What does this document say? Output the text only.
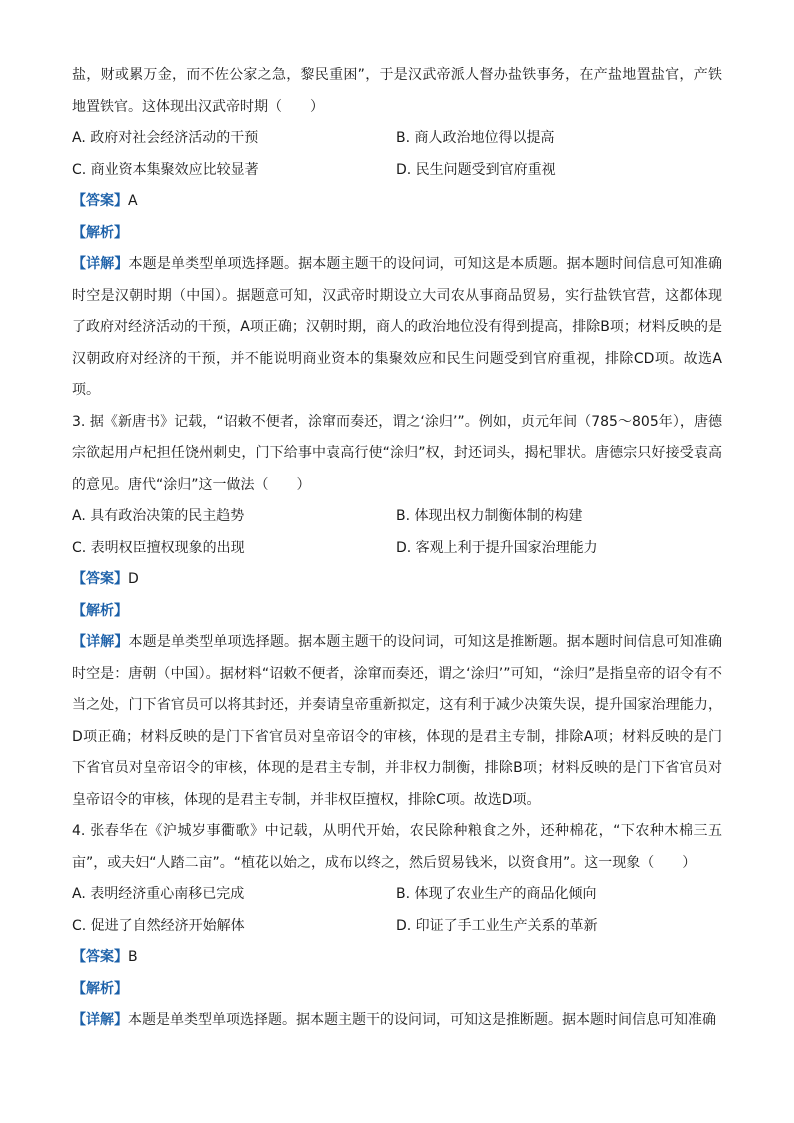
盐，财或累万金，而不佐公家之急，黎民重困”，于是汉武帝派人督办盐铁事务，在产盐地置盐官，产铁地置铁官。这体现出汉武帝时期（　　）

A. 政府对社会经济活动的干预	B. 商人政治地位得以提高
C. 商业资本集聚效应比较显著	D. 民生问题受到官府重视
【答案】A
【解析】

【详解】本题是单类型单项选择题。据本题主题干的设问词，可知这是本质题。据本题时间信息可知准确时空是汉朝时期（中国）。据题意可知，汉武帝时期设立大司农从事商品贸易，实行盐铁官营，这都体现了政府对经济活动的干预，A项正确；汉朝时期，商人的政治地位没有得到提高，排除B项；材料反映的是汉朝政府对经济的干预，并不能说明商业资本的集聚效应和民生问题受到官府重视，排除CD项。故选A项。

3. 据《新唐书》记载，“诏敕不便者，涂窜而奏还，谓之‘涂归’”。例如，贞元年间（785～805年），唐德宗欲起用卢杞担任饶州刺史，门下给事中袁高行使“涂归”权，封还词头，揭杞罪状。唐德宗只好接受袁高的意见。唐代“涂归”这一做法（　　）

A. 具有政治决策的民主趋势	B. 体现出权力制衡体制的构建
C. 表明权臣擅权现象的出现	D. 客观上利于提升国家治理能力
【答案】D
【解析】

【详解】本题是单类型单项选择题。据本题主题干的设问词，可知这是推断题。据本题时间信息可知准确时空是：唐朝（中国）。据材料“诏敕不便者，涂窜而奏还，谓之‘涂归’”可知，“涂归”是指皇帝的诏令有不当之处，门下省官员可以将其封还，并奏请皇帝重新拟定，这有利于减少决策失误，提升国家治理能力，D项正确；材料反映的是门下省官员对皇帝诏令的审核，体现的是君主专制，排除A项；材料反映的是门下省官员对皇帝诏令的审核，体现的是君主专制，并非权力制衡，排除B项；材料反映的是门下省官员对皇帝诏令的审核，体现的是君主专制，并非权臣擅权，排除C项。故选D项。

4. 张春华在《沪城岁事衢歌》中记载，从明代开始，农民除种粮食之外，还种棉花，“下农种木棉三五亩”，或夫妇“人踏二亩”。“植花以始之，成布以终之，然后贸易钱米，以资食用”。这一现象（　　）

A. 表明经济重心南移已完成	B. 体现了农业生产的商品化倾向
C. 促进了自然经济开始解体	D. 印证了手工业生产关系的革新
【答案】B
【解析】

【详解】本题是单类型单项选择题。据本题主题干的设问词，可知这是推断题。据本题时间信息可知准确
